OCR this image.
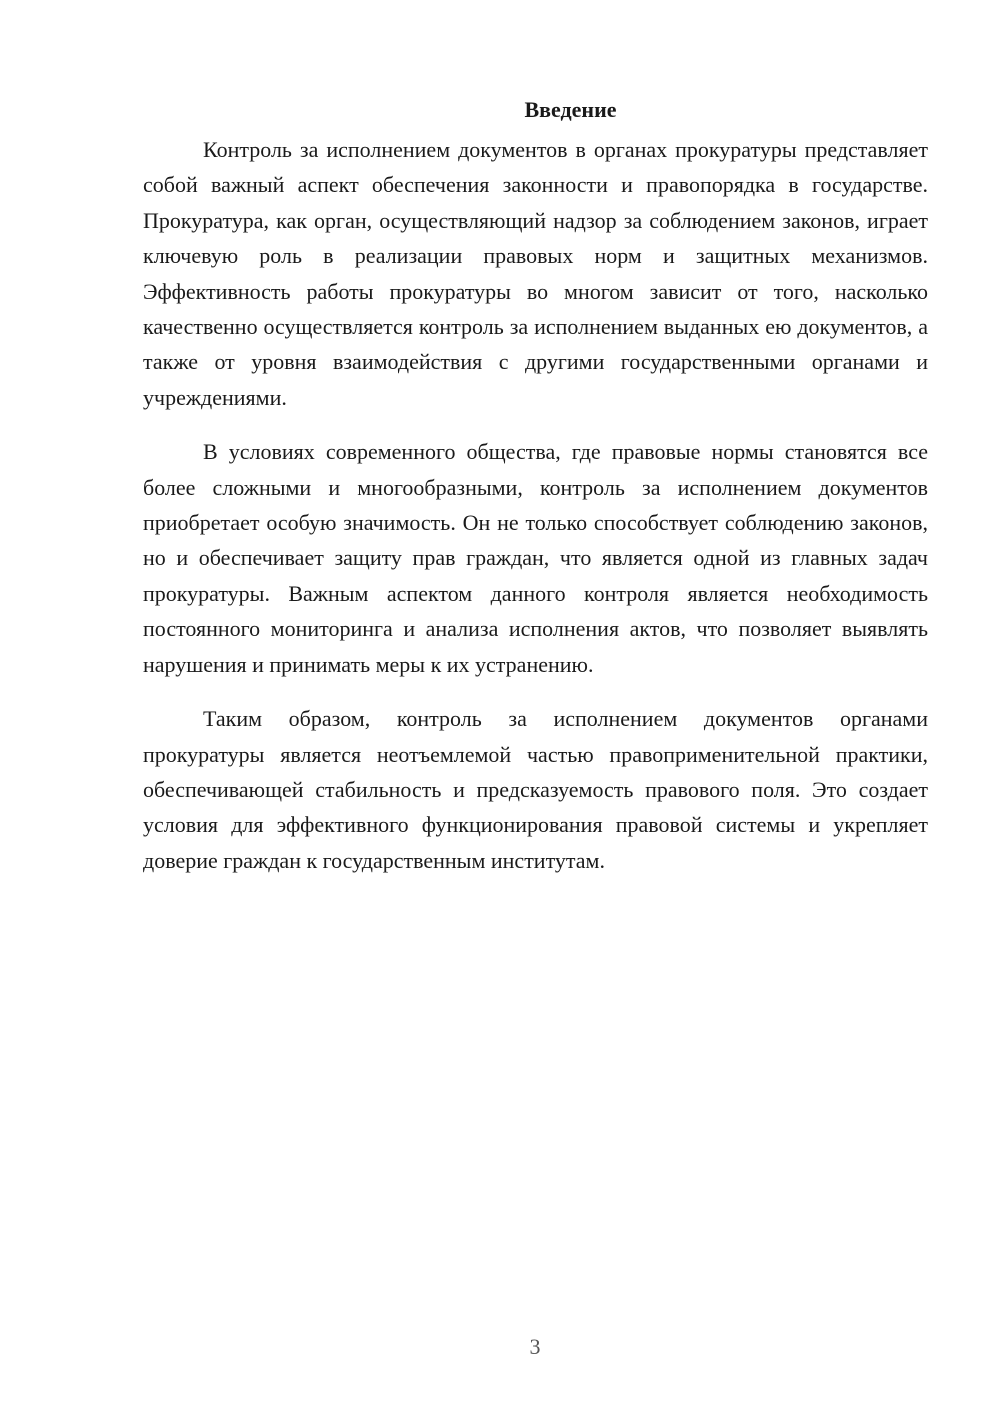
Введение

Контроль за исполнением документов в органах прокуратуры представляет собой важный аспект обеспечения законности и правопорядка в государстве. Прокуратура, как орган, осуществляющий надзор за соблюдением законов, играет ключевую роль в реализации правовых норм и защитных механизмов. Эффективность работы прокуратуры во многом зависит от того, насколько качественно осуществляется контроль за исполнением выданных ею документов, а также от уровня взаимодействия с другими государственными органами и учреждениями.

В условиях современного общества, где правовые нормы становятся все более сложными и многообразными, контроль за исполнением документов приобретает особую значимость. Он не только способствует соблюдению законов, но и обеспечивает защиту прав граждан, что является одной из главных задач прокуратуры. Важным аспектом данного контроля является необходимость постоянного мониторинга и анализа исполнения актов, что позволяет выявлять нарушения и принимать меры к их устранению.

Таким образом, контроль за исполнением документов органами прокуратуры является неотъемлемой частью правоприменительной практики, обеспечивающей стабильность и предсказуемость правового поля. Это создает условия для эффективного функционирования правовой системы и укрепляет доверие граждан к государственным институтам.

3
